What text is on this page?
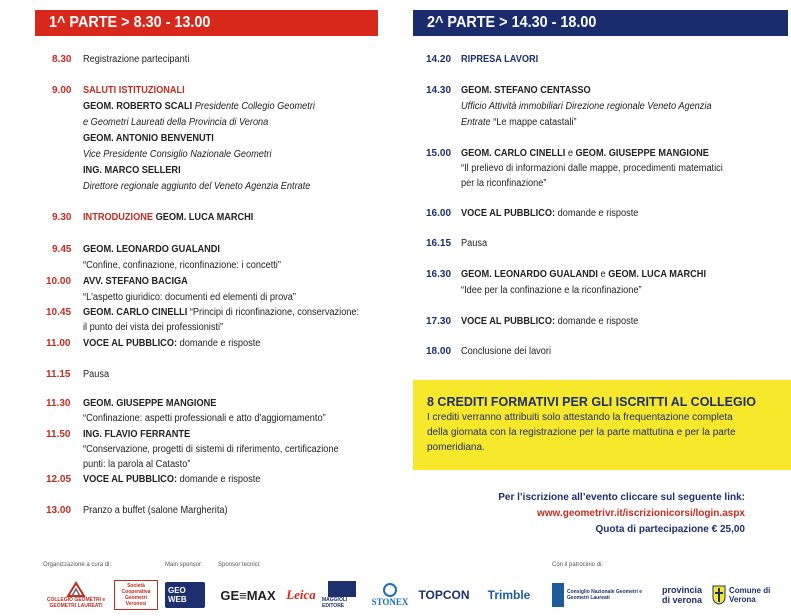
1^ PARTE > 8.30 - 13.00	2^ PARTE > 14.30 - 18.00
8.30 Registrazione partecipanti
9.00 SALUTI ISTITUZIONALI
GEOM. ROBERTO SCALI Presidente Collegio Geometri
e Geometri Laureati della Provincia di Verona
GEOM. ANTONIO BENVENUTI
Vice Presidente Consiglio Nazionale Geometri
ING. MARCO SELLERI
Direttore regionale aggiunto del Veneto Agenzia Entrate
9.30 INTRODUZIONE GEOM. LUCA MARCHI
9.45 GEOM. LEONARDO GUALANDI
“Confine, confinazione, riconfinazione: i concetti”
10.00 AVV. STEFANO BACIGA
“L'aspetto giuridico: documenti ed elementi di prova”
10.45 GEOM. CARLO CINELLI “Principi di riconfinazione, conservazione:
il punto dei vista dei professionisti”
11.00 VOCE AL PUBBLICO: domande e risposte
11.15 Pausa
11.30 GEOM. GIUSEPPE MANGIONE
“Confinazione: aspetti professionali e atto d'aggiornamento”
11.50 ING. FLAVIO FERRANTE
“Conservazione, progetti di sistemi di riferimento, certificazione
punti: la parola al Catasto”
12.05 VOCE AL PUBBLICO: domande e risposte
13.00 Pranzo a buffet (salone Margherita)
14.20 RIPRESA LAVORI
14.30 GEOM. STEFANO CENTASSO
Ufficio Attività immobiliari Direzione regionale Veneto Agenzia
Entrate “Le mappe catastali”
15.00 GEOM. CARLO CINELLI e GEOM. GIUSEPPE MANGIONE
“Il prelievo di informazioni dalle mappe, procedimenti matematici
per la riconfinazione”
16.00 VOCE AL PUBBLICO: domande e risposte
16.15 Pausa
16.30 GEOM. LEONARDO GUALANDI e GEOM. LUCA MARCHI
“Idee per la confinazione e la riconfinazione”
17.30 VOCE AL PUBBLICO: domande e risposte
18.00 Conclusione dei lavori
8 CREDITI FORMATIVI PER GLI ISCRITTI AL COLLEGIO
I crediti verranno attribuiti solo attestando la frequentazione completa
della giornata con la registrazione per la parte mattutina e per la parte
pomeridiana.
Per l’iscrizione all’evento cliccare sul seguente link:
www.geometrivr.it/iscrizionicorsi/login.aspx
Quota di partecipazione € 25,00
Organizzazione a cura di:	Main sponsor:	Sponsor tecnici:	Con il patrocinio di:
COLLEGIO GEOMETRI e GEOMETRI LAUREATI
Società Cooperativa Geometri Veronesi
GEO WEB	GE≡MAX Leica MAGGIOLI EDITORE	STONEX TOPCON Trimble	Consiglio Nazionale Geometri e Geometri Laureati
provincia di verona
Comune di Verona
